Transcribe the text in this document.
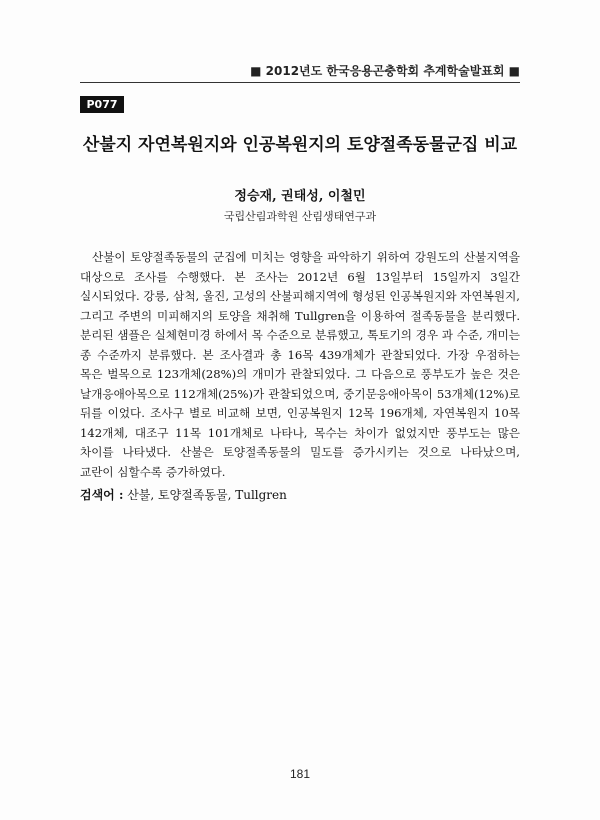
■ 2012년도 한국응용곤충학회 추계학술발표회 ■
P077
산불지 자연복원지와 인공복원지의 토양절족동물군집 비교
정승재, 권태성, 이철민
국립산림과학원 산림생태연구과

산불이 토양절족동물의 군집에 미치는 영향을 파악하기 위하여 강원도의 산불지역을 대상으로 조사를 수행했다. 본 조사는 2012년 6월 13일부터 15일까지 3일간 실시되었다. 강릉, 삼척, 울진, 고성의 산불피해지역에 형성된 인공복원지와 자연복원지, 그리고 주변의 미피해지의 토양을 채취해 Tullgren을 이용하여 절족동물을 분리했다. 분리된 샘플은 실체현미경 하에서 목 수준으로 분류했고, 톡토기의 경우 과 수준, 개미는 종 수준까지 분류했다. 본 조사결과 총 16목 439개체가 관찰되었다. 가장 우점하는 목은 벌목으로 123개체(28%)의 개미가 관찰되었다. 그 다음으로 풍부도가 높은 것은 날개응애아목으로 112개체(25%)가 관찰되었으며, 중기문응애아목이 53개체(12%)로 뒤를 이었다. 조사구 별로 비교해 보면, 인공복원지 12목 196개체, 자연복원지 10목 142개체, 대조구 11목 101개체로 나타나, 목수는 차이가 없었지만 풍부도는 많은 차이를 나타냈다. 산불은 토양절족동물의 밀도를 증가시키는 것으로 나타났으며, 교란이 심할수록 증가하였다.

검색어 : 산불, 토양절족동물, Tullgren
181
